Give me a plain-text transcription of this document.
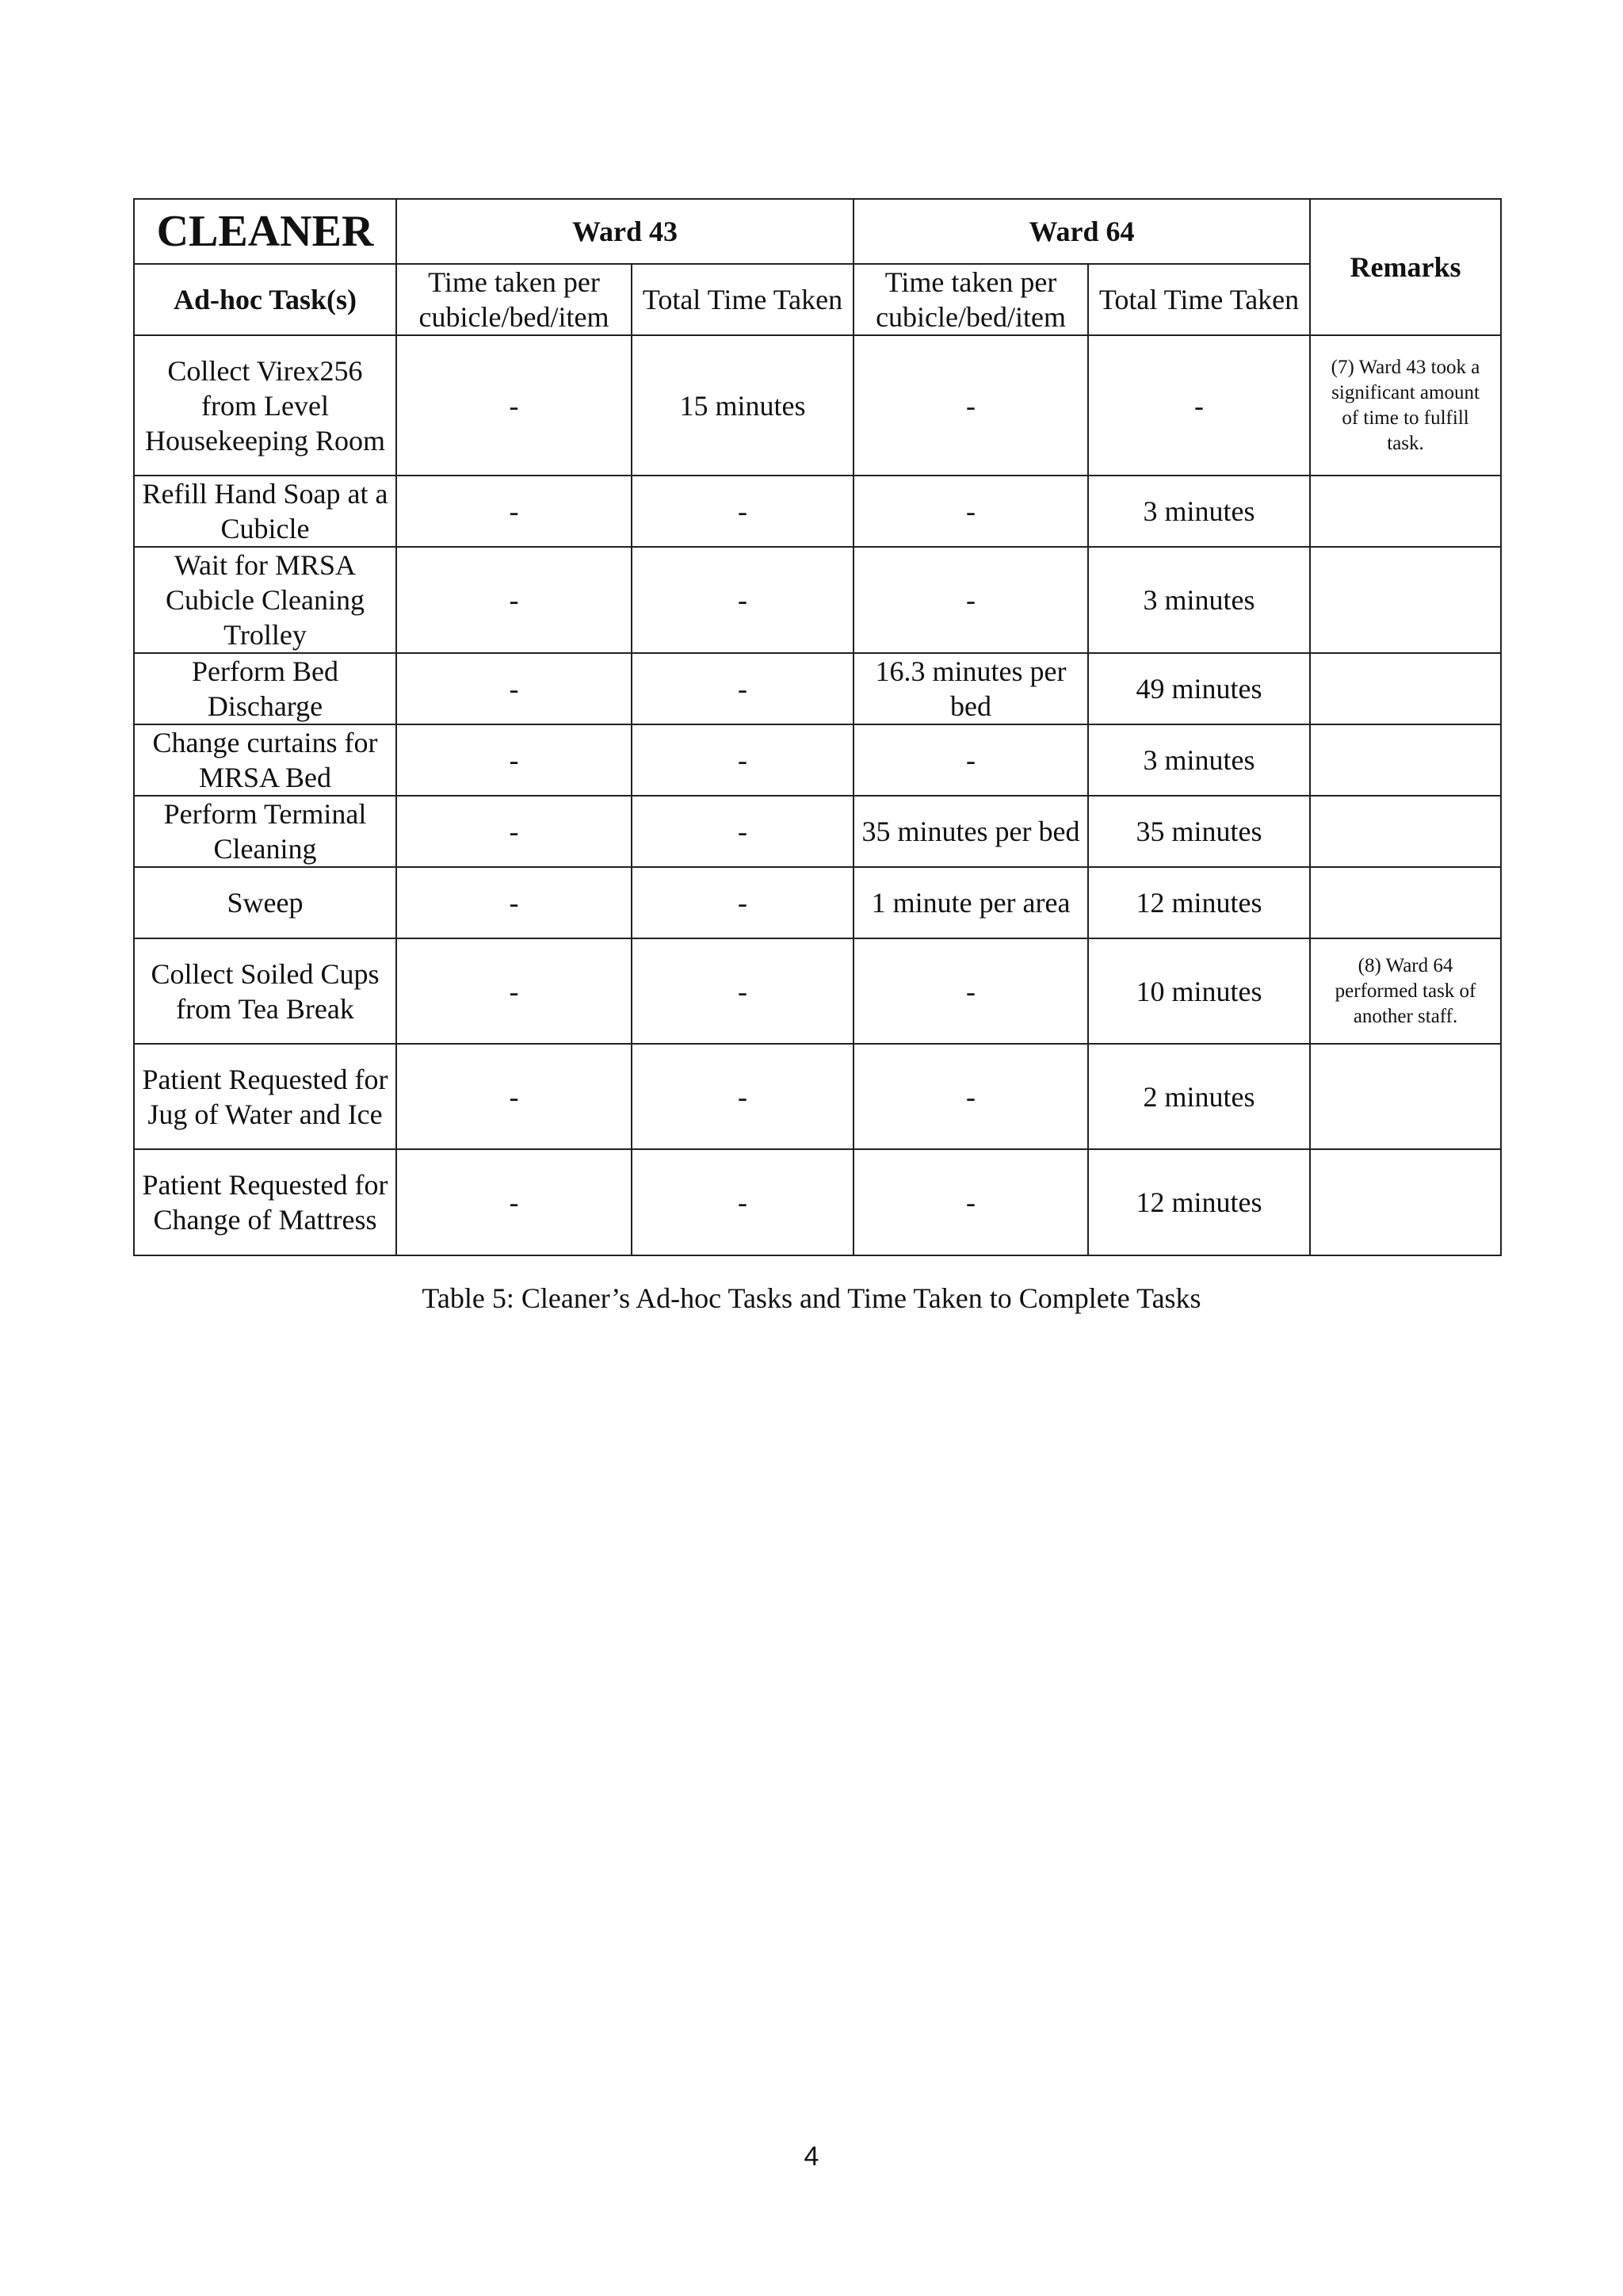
CLEANER	Ward 43		Ward 64		Remarks
Ad-hoc Task(s)	Time taken per cubicle/bed/item	Total Time Taken	Time taken per cubicle/bed/item	Total Time Taken	
Collect Virex256 from Level Housekeeping Room	-	15 minutes	-	-	(7) Ward 43 took a significant amount of time to fulfill task.
Refill Hand Soap at a Cubicle	-	-	-	3 minutes	
Wait for MRSA Cubicle Cleaning Trolley	-	-	-	3 minutes	
Perform Bed Discharge	-	-	16.3 minutes per bed	49 minutes	
Change curtains for MRSA Bed	-	-	-	3 minutes	
Perform Terminal Cleaning	-	-	35 minutes per bed	35 minutes	
Sweep	-	-	1 minute per area	12 minutes	
Collect Soiled Cups from Tea Break	-	-	-	10 minutes	(8) Ward 64 performed task of another staff.
Patient Requested for Jug of Water and Ice	-	-	-	2 minutes	
Patient Requested for Change of Mattress	-	-	-	12 minutes	
Table 5: Cleaner’s Ad-hoc Tasks and Time Taken to Complete Tasks
4
